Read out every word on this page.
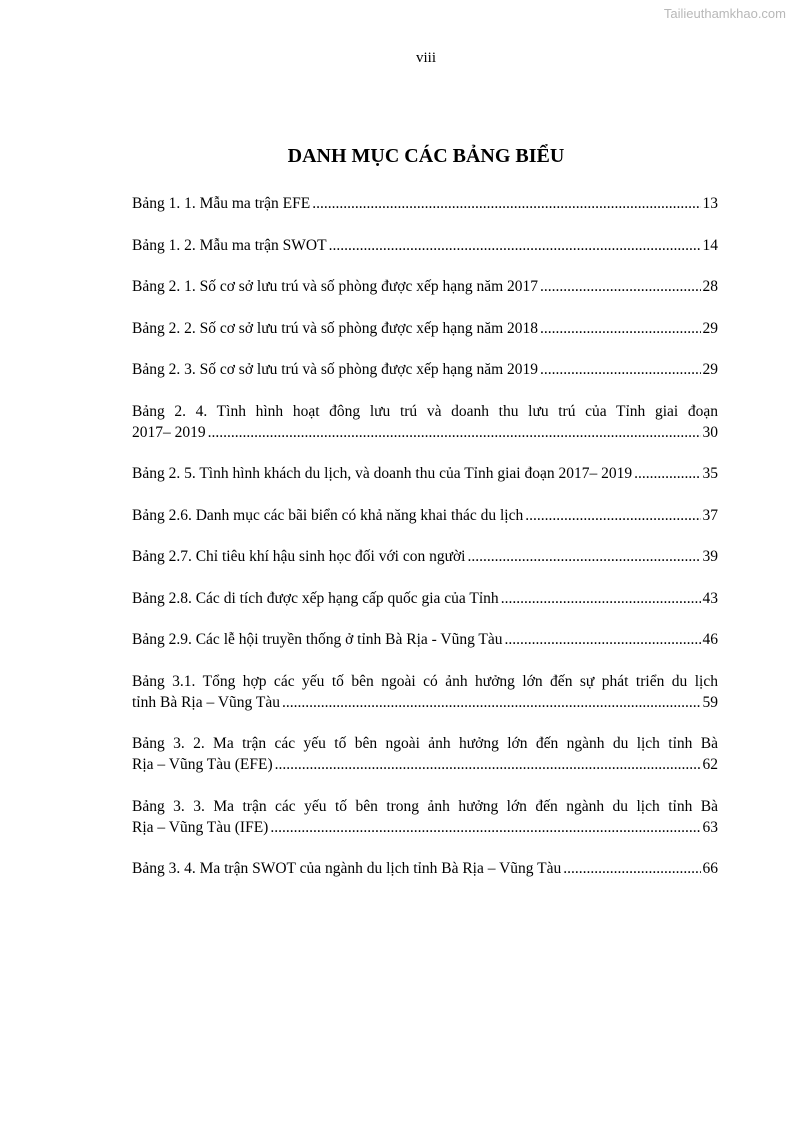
Tailieuthamkhao.com
viii
DANH MỤC CÁC BẢNG BIỂU
Bảng 1. 1. Mẫu ma trận EFE .....	13
Bảng 1. 2. Mẫu ma trận SWOT .....	14
Bảng 2. 1. Số cơ sở lưu trú và số phòng được xếp hạng năm 2017 .....	28
Bảng 2. 2. Số cơ sở lưu trú và số phòng được xếp hạng năm 2018 .....	29
Bảng 2. 3. Số cơ sở lưu trú và số phòng được xếp hạng năm 2019 .....	29
Bảng 2. 4. Tình hình hoạt đông lưu trú và doanh thu lưu trú của Tỉnh giai đoạn
2017– 2019 .....	30
Bảng 2. 5. Tình hình khách du lịch, và doanh thu của Tỉnh giai đoạn 2017– 2019 .....	35
Bảng 2.6. Danh mục các bãi biển có khả năng khai thác du lịch .....	37
Bảng 2.7. Chỉ tiêu khí hậu sinh học đối với con người .....	39
Bảng 2.8. Các di tích được xếp hạng cấp quốc gia của Tỉnh .....	43
Bảng 2.9. Các lễ hội truyền thống ở tỉnh Bà Rịa - Vũng Tàu .....	46
Bảng 3.1. Tổng hợp các yếu tố bên ngoài có ảnh hưởng lớn đến sự phát triển du lịch
tỉnh Bà Rịa – Vũng Tàu .....	59
Bảng 3. 2. Ma trận các yếu tố bên ngoài ảnh hưởng lớn đến ngành du lịch tỉnh Bà
Rịa – Vũng Tàu (EFE) .....	62
Bảng 3. 3. Ma trận các yếu tố bên trong ảnh hưởng lớn đến ngành du lịch tỉnh Bà
Rịa – Vũng Tàu (IFE) .....	63
Bảng 3. 4. Ma trận SWOT của ngành du lịch tỉnh Bà Rịa – Vũng Tàu .....	66
